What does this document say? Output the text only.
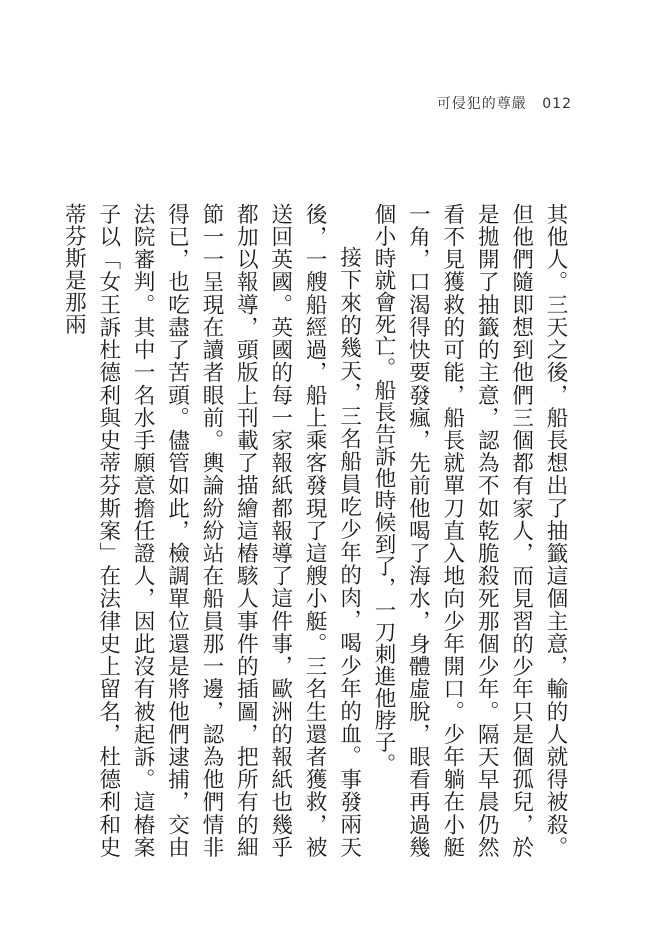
可侵犯的尊嚴 012

其他人。三天之後，船長想出了抽籤這個主意，輸的人就得被殺。但他們隨即想到他們三個都有家人，而見習的少年只是個孤兒，於是拋開了抽籤的主意，認為不如乾脆殺死那個少年。隔天早晨仍然看不見獲救的可能，船長就單刀直入地向少年開口。少年躺在小艇一角，口渴得快要發瘋，先前他喝了海水，身體虛脫，眼看再過幾個小時就會死亡。船長告訴他時候到了，一刀刺進他脖子。

接下來的幾天，三名船員吃少年的肉，喝少年的血。事發兩天後，一艘船經過，船上乘客發現了這艘小艇。三名生還者獲救，被送回英國。英國的每一家報紙都報導了這件事，歐洲的報紙也幾乎都加以報導，頭版上刊載了描繪這樁駭人事件的插圖，把所有的細節一一呈現在讀者眼前。輿論紛紛站在船員那一邊，認為他們情非得已，也吃盡了苦頭。儘管如此，檢調單位還是將他們逮捕，交由法院審判。其中一名水手願意擔任證人，因此沒有被起訴。這樁案子以「女王訴杜德利與史蒂芬斯案」在法律史上留名，杜德利和史蒂芬斯是那兩
